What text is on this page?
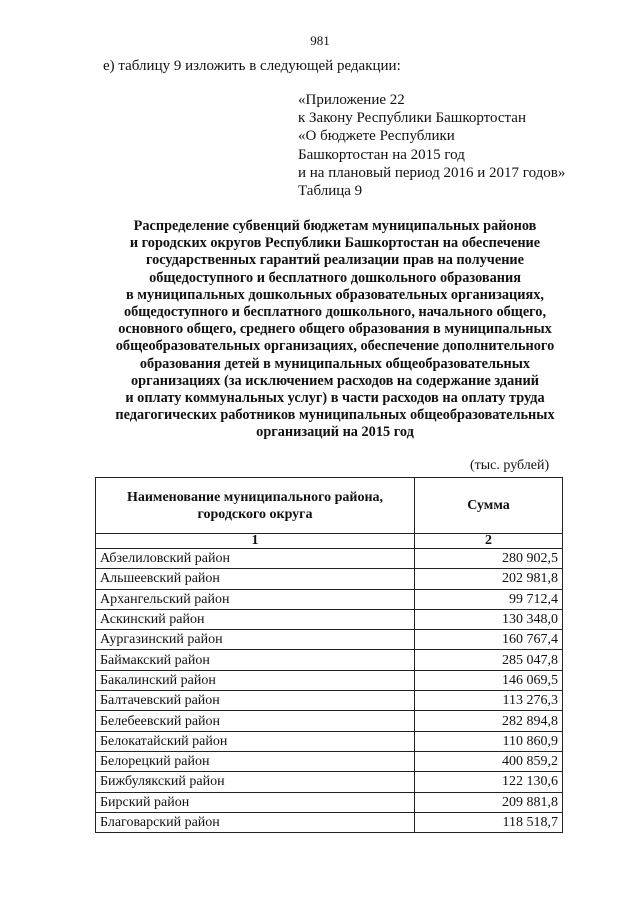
981
е) таблицу 9 изложить в следующей редакции:
«Приложение 22
к Закону Республики Башкортостан
«О бюджете Республики
Башкортостан на 2015 год
и на плановый период 2016 и 2017 годов»
Таблица 9
Распределение субвенций бюджетам муниципальных районов
и городских округов Республики Башкортостан на обеспечение
государственных гарантий реализации прав на получение
общедоступного и бесплатного дошкольного образования
в муниципальных дошкольных образовательных организациях,
общедоступного и бесплатного дошкольного, начального общего,
основного общего, среднего общего образования в муниципальных
общеобразовательных организациях, обеспечение дополнительного
образования детей в муниципальных общеобразовательных
организациях (за исключением расходов на содержание зданий
и оплату коммунальных услуг) в части расходов на оплату труда
педагогических работников муниципальных общеобразовательных
организаций на 2015 год
(тыс. рублей)
Наименование муниципального района,
городского округа	Сумма
1	2
Абзелиловский район	280 902,5
Альшеевский район	202 981,8
Архангельский район	99 712,4
Аскинский район	130 348,0
Аургазинский район	160 767,4
Баймакский район	285 047,8
Бакалинский район	146 069,5
Балтачевский район	113 276,3
Белебеевский район	282 894,8
Белокатайский район	110 860,9
Белорецкий район	400 859,2
Бижбулякский район	122 130,6
Бирский район	209 881,8
Благоварский район	118 518,7
